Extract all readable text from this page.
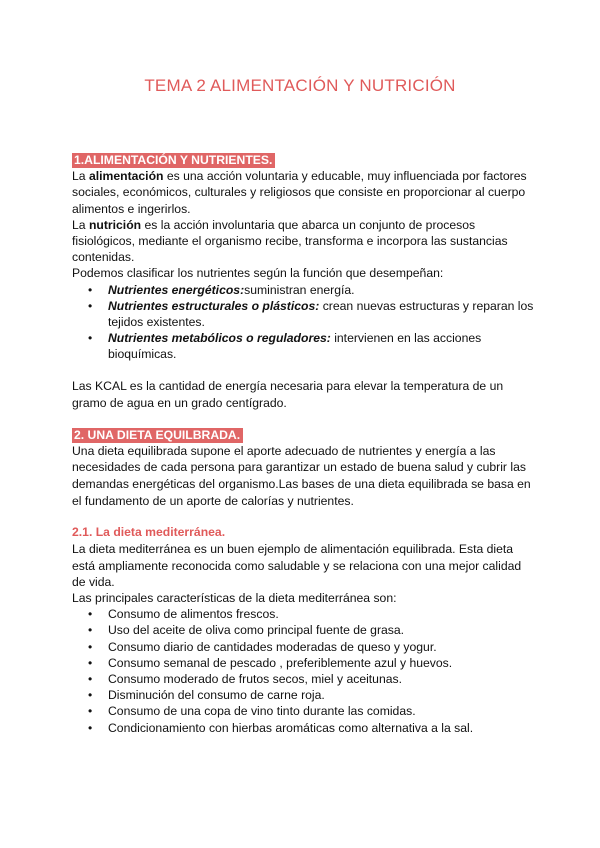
TEMA 2 ALIMENTACIÓN Y NUTRICIÓN
1.ALIMENTACIÓN Y NUTRIENTES.

La alimentación es una acción voluntaria y educable, muy influenciada por factores sociales, económicos, culturales y religiosos que consiste en proporcionar al cuerpo alimentos e ingerirlos.

La nutrición es la acción involuntaria que abarca un conjunto de procesos fisiológicos, mediante el organismo recibe, transforma e incorpora las sustancias contenidas.

Podemos clasificar los nutrientes según la función que desempeñan:

• Nutrientes energéticos:suministran energía.
• Nutrientes estructurales o plásticos: crean nuevas estructuras y reparan los tejidos existentes.
• Nutrientes metabólicos o reguladores: intervienen en las acciones bioquímicas.

Las KCAL es la cantidad de energía necesaria para elevar la temperatura de un gramo de agua en un grado centígrado.

2. UNA DIETA EQUILBRADA.

Una dieta equilibrada supone el aporte adecuado de nutrientes y energía a las necesidades de cada persona para garantizar un estado de buena salud y cubrir las demandas energéticas del organismo.Las bases de una dieta equilibrada se basa en el fundamento de un aporte de calorías y nutrientes.

2.1. La dieta mediterránea.

La dieta mediterránea es un buen ejemplo de alimentación equilibrada. Esta dieta está ampliamente reconocida como saludable y se relaciona con una mejor calidad de vida.

Las principales características de la dieta mediterránea son:

• Consumo de alimentos frescos.
• Uso del aceite de oliva como principal fuente de grasa.
• Consumo diario de cantidades moderadas de queso y yogur.
• Consumo semanal de pescado , preferiblemente azul y huevos.
• Consumo moderado de frutos secos, miel y aceitunas.
• Disminución del consumo de carne roja.
• Consumo de una copa de vino tinto durante las comidas.
• Condicionamiento con hierbas aromáticas como alternativa a la sal.
